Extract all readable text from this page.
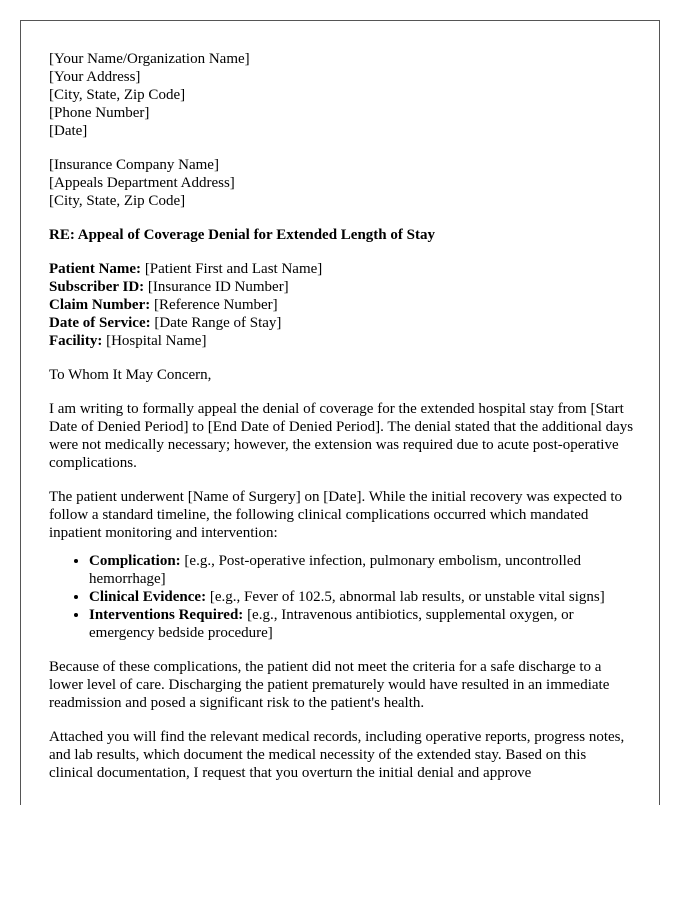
[Your Name/Organization Name]
[Your Address]
[City, State, Zip Code]
[Phone Number]
[Date]
[Insurance Company Name]
[Appeals Department Address]
[City, State, Zip Code]
RE: Appeal of Coverage Denial for Extended Length of Stay
Patient Name: [Patient First and Last Name]
Subscriber ID: [Insurance ID Number]
Claim Number: [Reference Number]
Date of Service: [Date Range of Stay]
Facility: [Hospital Name]

To Whom It May Concern,

I am writing to formally appeal the denial of coverage for the extended hospital stay from [Start Date of Denied Period] to [End Date of Denied Period]. The denial stated that the additional days were not medically necessary; however, the extension was required due to acute post-operative complications.

The patient underwent [Name of Surgery] on [Date]. While the initial recovery was expected to follow a standard timeline, the following clinical complications occurred which mandated inpatient monitoring and intervention:

• Complication: [e.g., Post-operative infection, pulmonary embolism, uncontrolled hemorrhage]
• Clinical Evidence: [e.g., Fever of 102.5, abnormal lab results, or unstable vital signs]
• Interventions Required: [e.g., Intravenous antibiotics, supplemental oxygen, or emergency bedside procedure]

Because of these complications, the patient did not meet the criteria for a safe discharge to a lower level of care. Discharging the patient prematurely would have resulted in an immediate readmission and posed a significant risk to the patient's health.

Attached you will find the relevant medical records, including operative reports, progress notes, and lab results, which document the medical necessity of the extended stay. Based on this clinical documentation, I request that you overturn the initial denial and approve
